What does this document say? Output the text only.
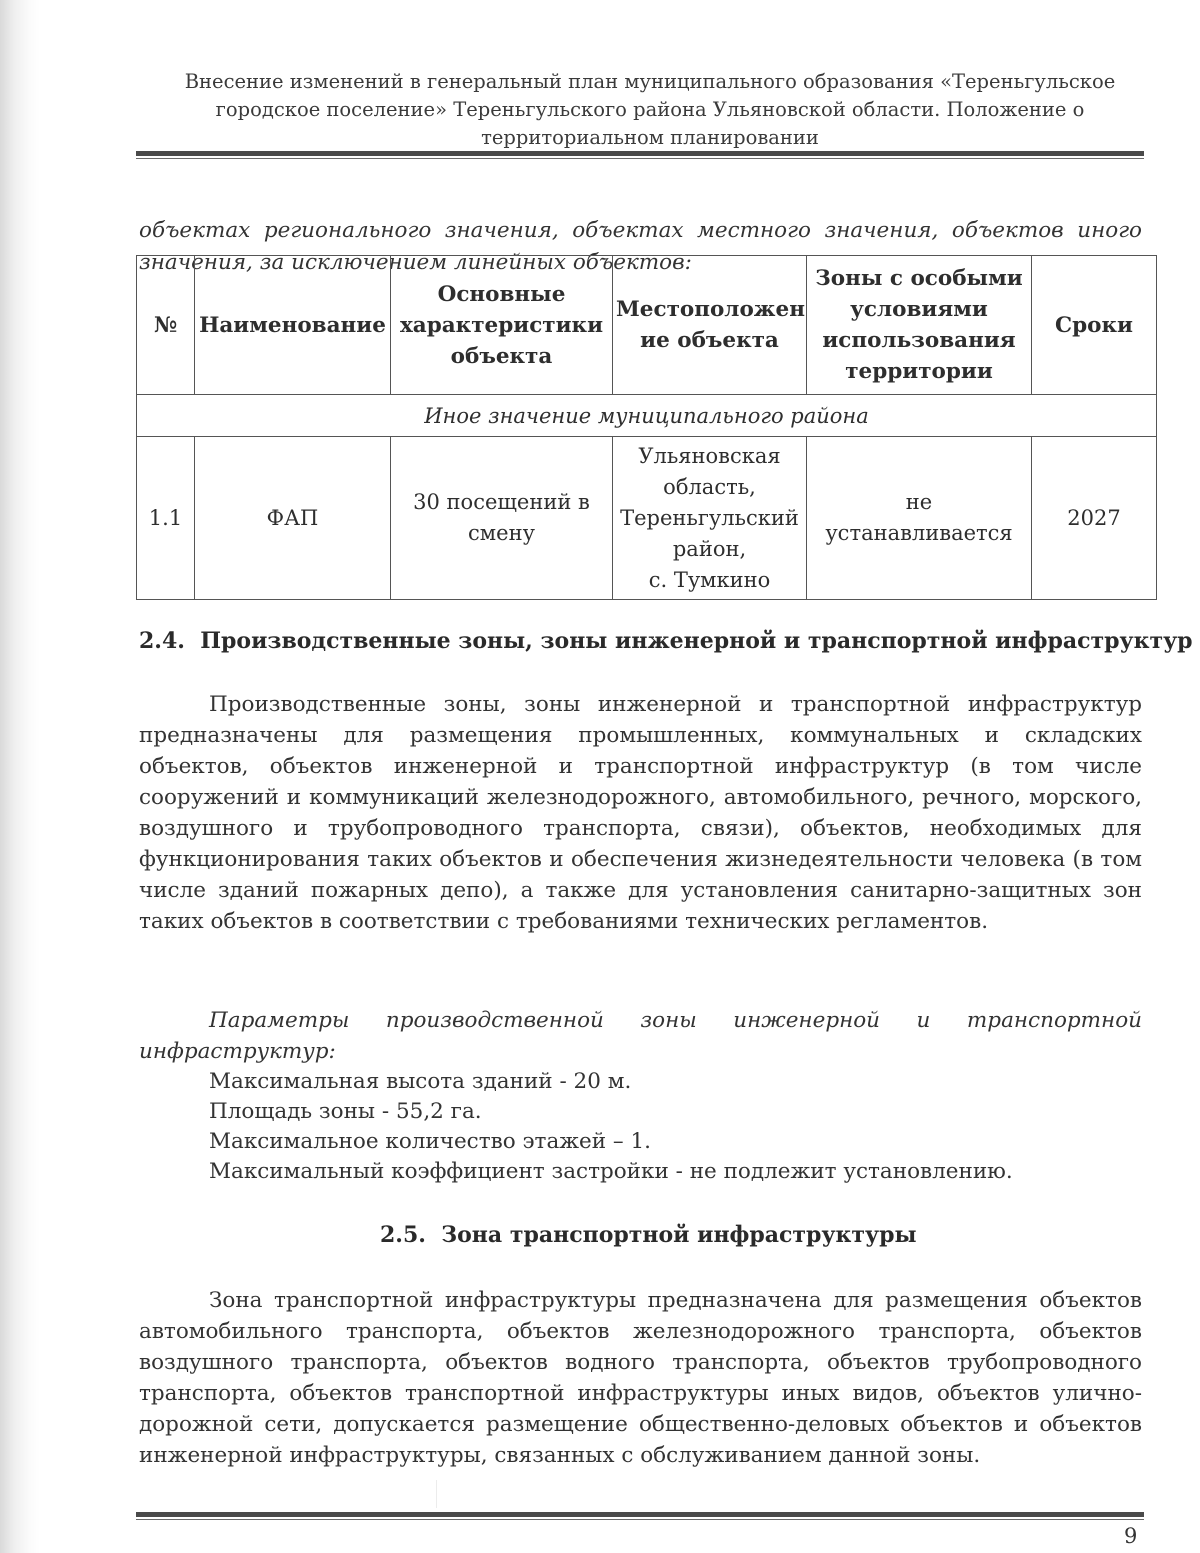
Внесение изменений в генеральный план муниципального образования «Тереньгульское
городское поселение» Тереньгульского района Ульяновской области. Положение о
территориальном планировании

объектах регионального значения, объектах местного значения, объектов иного значения, за исключением линейных объектов:

№	Наименование	Основные характеристики объекта	Местоположен ие объекта	Зоны с особыми условиями использования территории	Сроки
Иное значение муниципального района					
1.1	ФАП	30 посещений в смену	Ульяновская
область,
Тереньгульский
район,
с. Тумкино	не устанавливается	2027
2.4. Производственные зоны, зоны инженерной и транспортной инфраструктур

Производственные зоны, зоны инженерной и транспортной инфраструктур предназначены для размещения промышленных, коммунальных и складских объектов, объектов инженерной и транспортной инфраструктур (в том числе сооружений и коммуникаций железнодорожного, автомобильного, речного, морского, воздушного и трубопроводного транспорта, связи), объектов, необходимых для функционирования таких объектов и обеспечения жизнедеятельности человека (в том числе зданий пожарных депо), а также для установления санитарно-защитных зон таких объектов в соответствии с требованиями технических регламентов.

Параметры производственной зоны инженерной и транспортной инфраструктур:

Максимальная высота зданий - 20 м.
Площадь зоны - 55,2 га.
Максимальное количество этажей – 1.
Максимальный коэффициент застройки - не подлежит установлению.
2.5. Зона транспортной инфраструктуры

Зона транспортной инфраструктуры предназначена для размещения объектов автомобильного транспорта, объектов железнодорожного транспорта, объектов воздушного транспорта, объектов водного транспорта, объектов трубопроводного транспорта, объектов транспортной инфраструктуры иных видов, объектов улично-дорожной сети, допускается размещение общественно-деловых объектов и объектов инженерной инфраструктуры, связанных с обслуживанием данной зоны.

9
